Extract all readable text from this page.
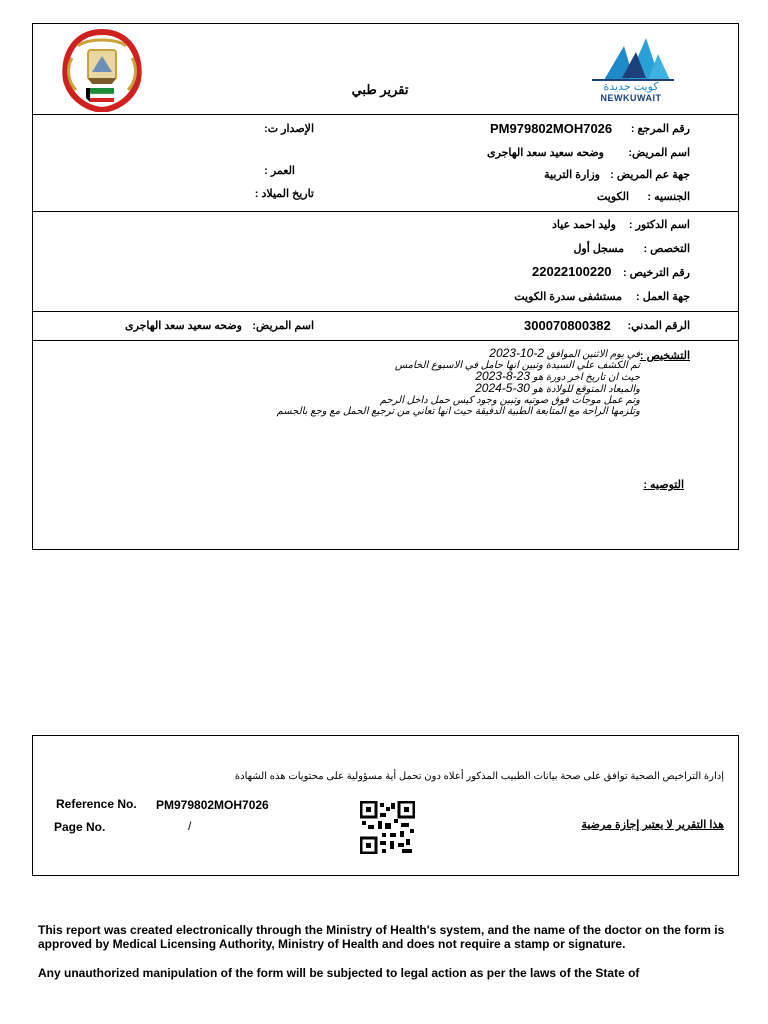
كويت جديدة
NEWKUWAIT
تقرير طبي
رقم المرجع :
PM979802MOH7026
الإصدار ت:
اسم المريض:
وضحه سعيد سعد الهاجرى
العمر :	جهة عم المريض :
وزارة التربية
تاريخ الميلاد :	الجنسيه :
الكويت
اسم الدكتور :
وليد احمد عياد
التخصص :
مسجل أول
رقم الترخيص :
22022100220
جهة العمل :
مستشفى سدرة الكويت
الرقم المدني:
300070800382
اسم المريض:
وضحه سعيد سعد الهاجرى
التشخيص :
في يوم الاثنين الموافق 2-10-2023
تم الكشف علي السيدة وتبين انها حامل في الاسبوع الخامس
حيث ان تاريخ اخر دورة هو 23-8-2023
والميعاد المتوقع للولادة هو 30-5-2024
وتم عمل موجات فوق صوتيه وتبين وجود كيس حمل داخل الرحم
وتلزمها الراحة مع المتابعة الطبية الدقيقة حيث انها تعاني من ترجيع الحمل مع وجع بالجسم
التوصيه :
إدارة التراخيص الصحية توافق على صحة بيانات الطبيب المذكور أعلاه دون تحمل أية مسؤولية على محتويات هذه الشهادة
Reference No. PM979802MOH7026
Page No.	/	هذا التقرير لا يعتبر إجازة مرضية
This report was created electronically through the Ministry of Health's system, and the name of the doctor on the form is approved by Medical Licensing Authority, Ministry of Health and does not require a stamp or signature.
Any unauthorized manipulation of the form will be subjected to legal action as per the laws of the State of
